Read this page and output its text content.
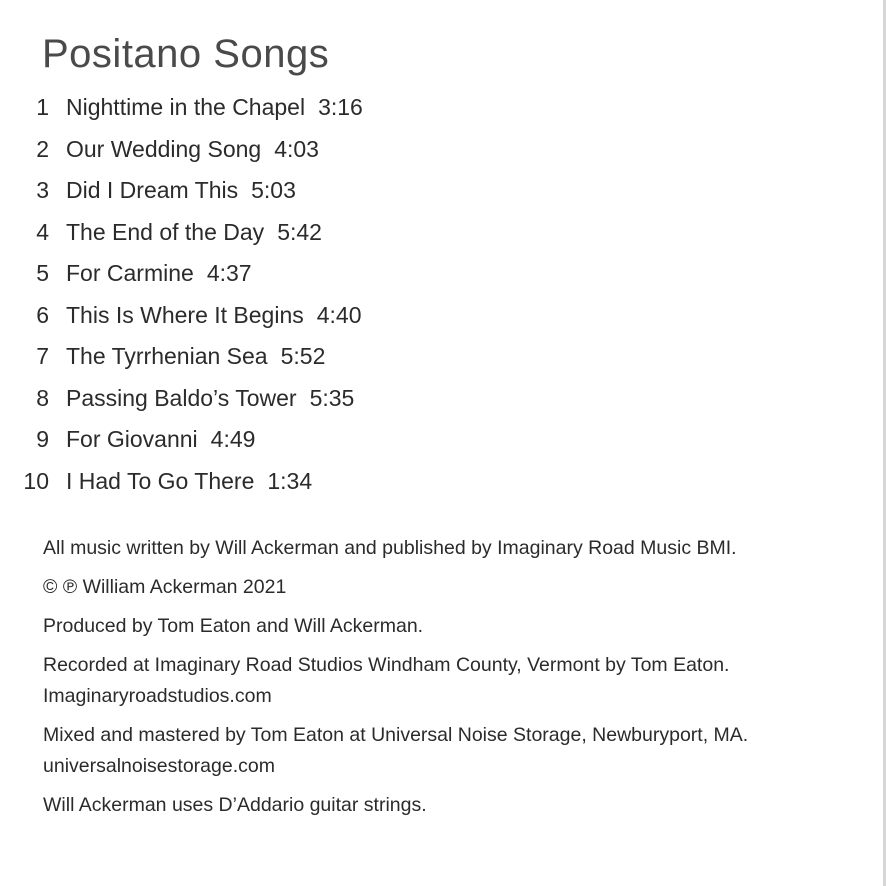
Positano Songs
1 Nighttime in the Chapel 3:16
2 Our Wedding Song 4:03
3 Did I Dream This 5:03
4 The End of the Day 5:42
5 For Carmine 4:37
6 This Is Where It Begins 4:40
7 The Tyrrhenian Sea 5:52
8 Passing Baldo’s Tower 5:35
9 For Giovanni 4:49
10 I Had To Go There 1:34

All music written by Will Ackerman and published by Imaginary Road Music BMI.

© ℗ William Ackerman 2021

Produced by Tom Eaton and Will Ackerman.

Recorded at Imaginary Road Studios Windham County, Vermont by Tom Eaton.
Imaginaryroadstudios.com

Mixed and mastered by Tom Eaton at Universal Noise Storage, Newburyport, MA.
universalnoisestorage.com

Will Ackerman uses D’Addario guitar strings.
